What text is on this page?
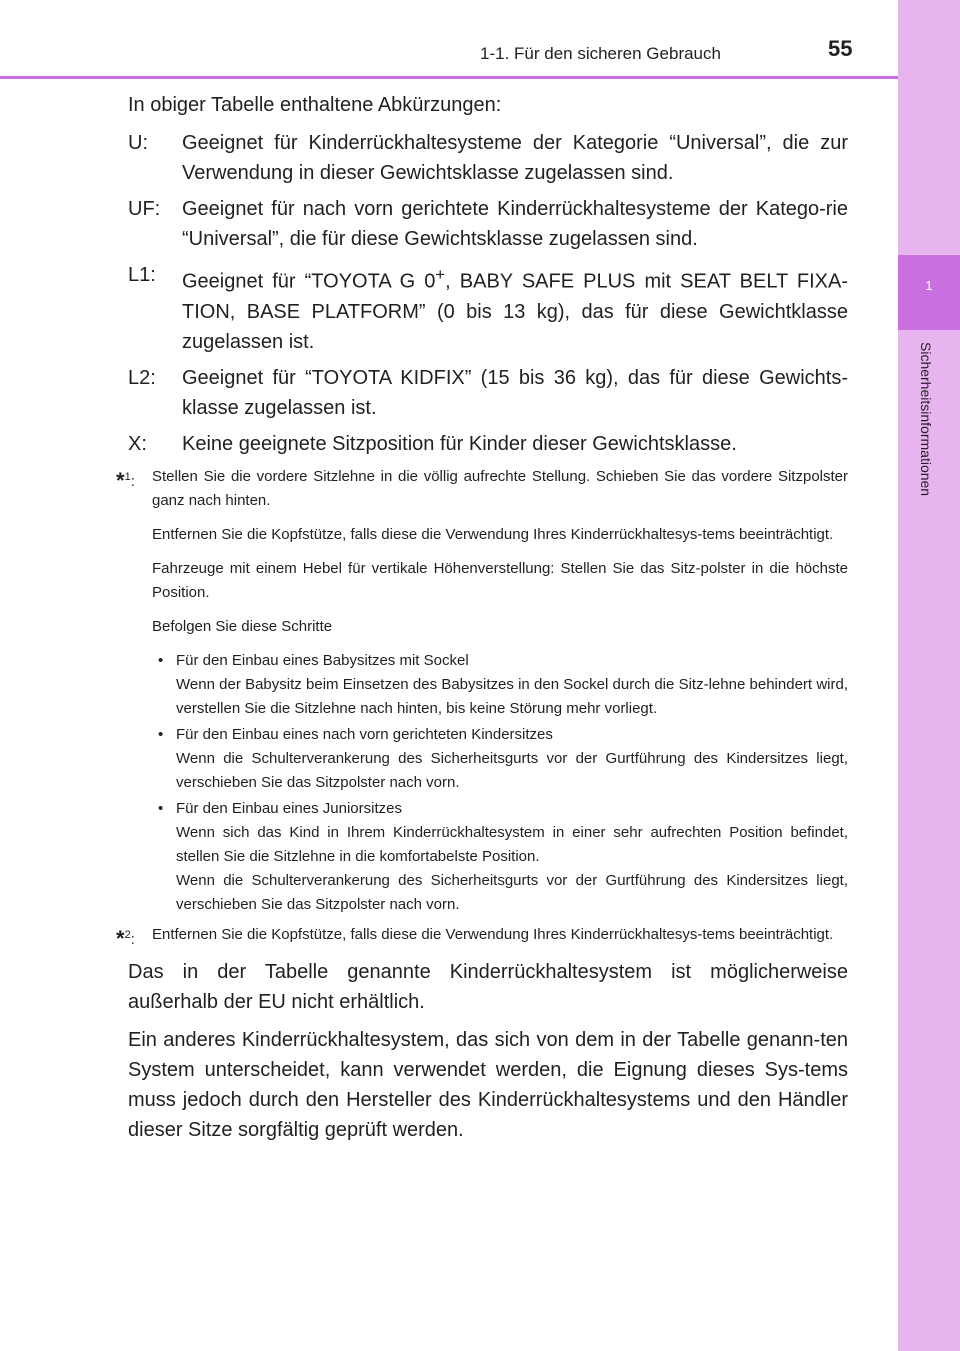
1
Sicherheitsinformationen
1-1. Für den sicheren Gebrauch	55

In obiger Tabelle enthaltene Abkürzungen:

U: Geeignet für Kinderrückhaltesysteme der Kategorie “Universal”, die zur Verwendung in dieser Gewichtsklasse zugelassen sind.
UF: Geeignet für nach vorn gerichtete Kinderrückhaltesysteme der Katego-rie “Universal”, die für diese Gewichtsklasse zugelassen sind.
L1: Geeignet für “TOYOTA G 0+, BABY SAFE PLUS mit SEAT BELT FIXA-TION, BASE PLATFORM” (0 bis 13 kg), das für diese Gewichtklasse zugelassen ist.
L2: Geeignet für “TOYOTA KIDFIX” (15 bis 36 kg), das für diese Gewichts-klasse zugelassen ist.
X: Keine geeignete Sitzposition für Kinder dieser Gewichtsklasse.
*$^1$: Stellen Sie die vordere Sitzlehne in die völlig aufrechte Stellung. Schieben Sie das vordere Sitzpolster ganz nach hinten.

Entfernen Sie die Kopfstütze, falls diese die Verwendung Ihres Kinderrückhaltesys-tems beeinträchtigt.

Fahrzeuge mit einem Hebel für vertikale Höhenverstellung: Stellen Sie das Sitz-polster in die höchste Position.

Befolgen Sie diese Schritte

• Für den Einbau eines Babysitzes mit Sockel
Wenn der Babysitz beim Einsetzen des Babysitzes in den Sockel durch die Sitz-lehne behindert wird, verstellen Sie die Sitzlehne nach hinten, bis keine Störung mehr vorliegt.
• Für den Einbau eines nach vorn gerichteten Kindersitzes
Wenn die Schulterverankerung des Sicherheitsgurts vor der Gurtführung des Kindersitzes liegt, verschieben Sie das Sitzpolster nach vorn.
• Für den Einbau eines Juniorsitzes
Wenn sich das Kind in Ihrem Kinderrückhaltesystem in einer sehr aufrechten Position befindet, stellen Sie die Sitzlehne in die komfortabelste Position.
Wenn die Schulterverankerung des Sicherheitsgurts vor der Gurtführung des Kindersitzes liegt, verschieben Sie das Sitzpolster nach vorn.
*$^2$: Entfernen Sie die Kopfstütze, falls diese die Verwendung Ihres Kinderrückhaltesys-tems beeinträchtigt.

Das in der Tabelle genannte Kinderrückhaltesystem ist möglicherweise außerhalb der EU nicht erhältlich.

Ein anderes Kinderrückhaltesystem, das sich von dem in der Tabelle genann-ten System unterscheidet, kann verwendet werden, die Eignung dieses Sys-tems muss jedoch durch den Hersteller des Kinderrückhaltesystems und den Händler dieser Sitze sorgfältig geprüft werden.
